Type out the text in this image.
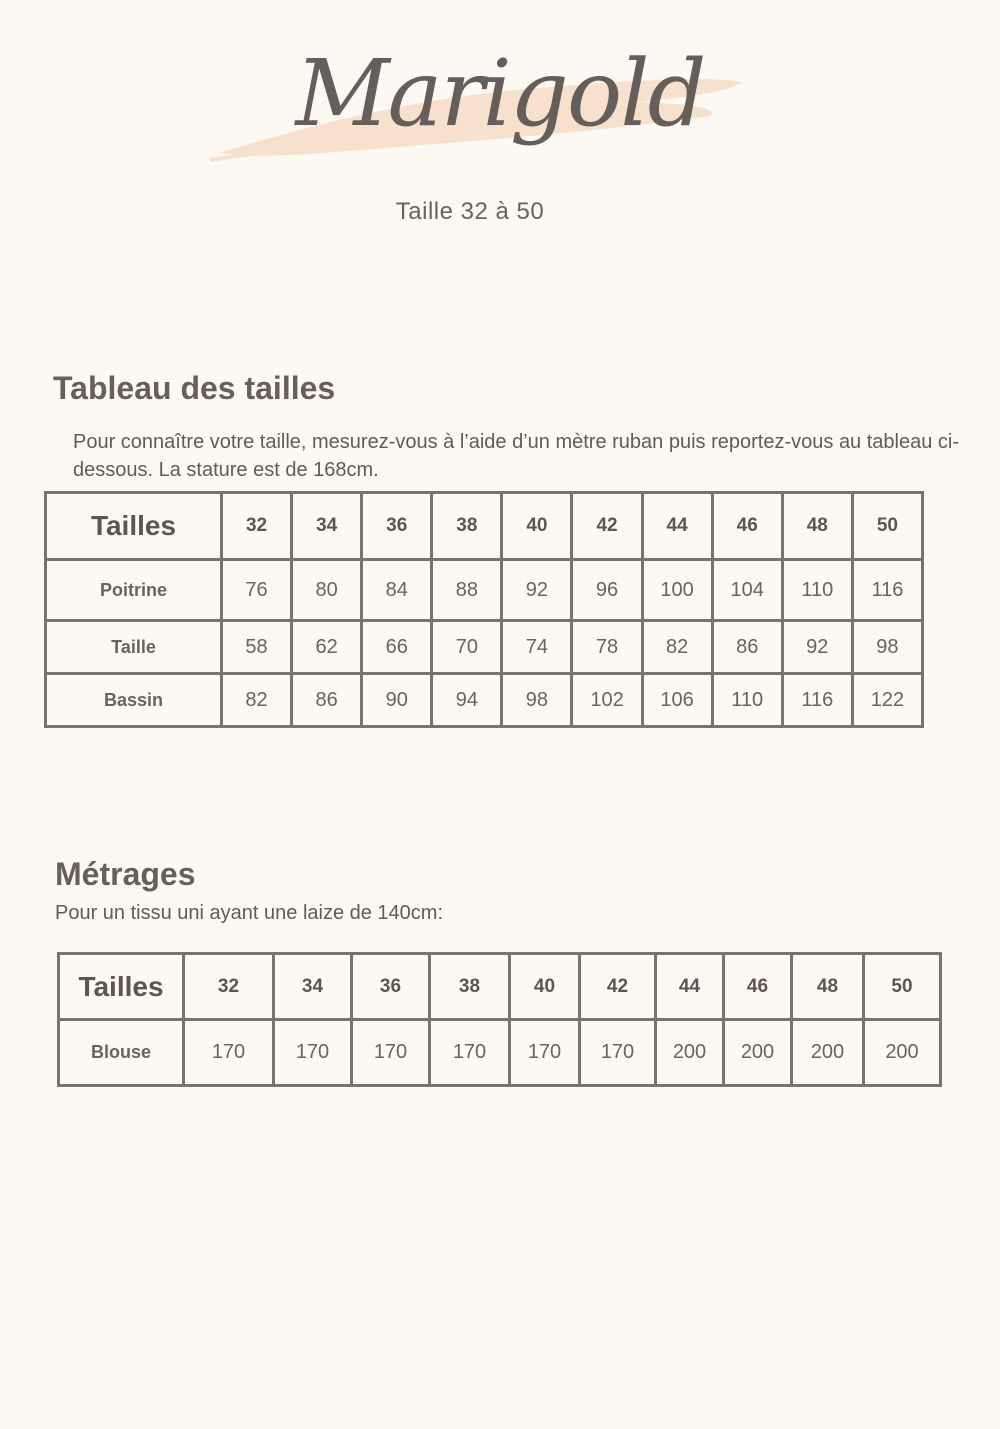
Marigold
Taille 32 à 50
Tableau des tailles
Pour connaître votre taille, mesurez-vous à l’aide d’un mètre ruban puis reportez-vous au tableau ci-dessous. La stature est de 168cm.
Tailles	32	34	36	38	40	42	44	46	48	50
Poitrine	76	80	84	88	92	96	100	104	110	116
Taille	58	62	66	70	74	78	82	86	92	98
Bassin	82	86	90	94	98	102	106	110	116	122
Métrages
Pour un tissu uni ayant une laize de 140cm:
Tailles	32	34	36	38	40	42	44	46	48	50
Blouse	170	170	170	170	170	170	200	200	200	200
